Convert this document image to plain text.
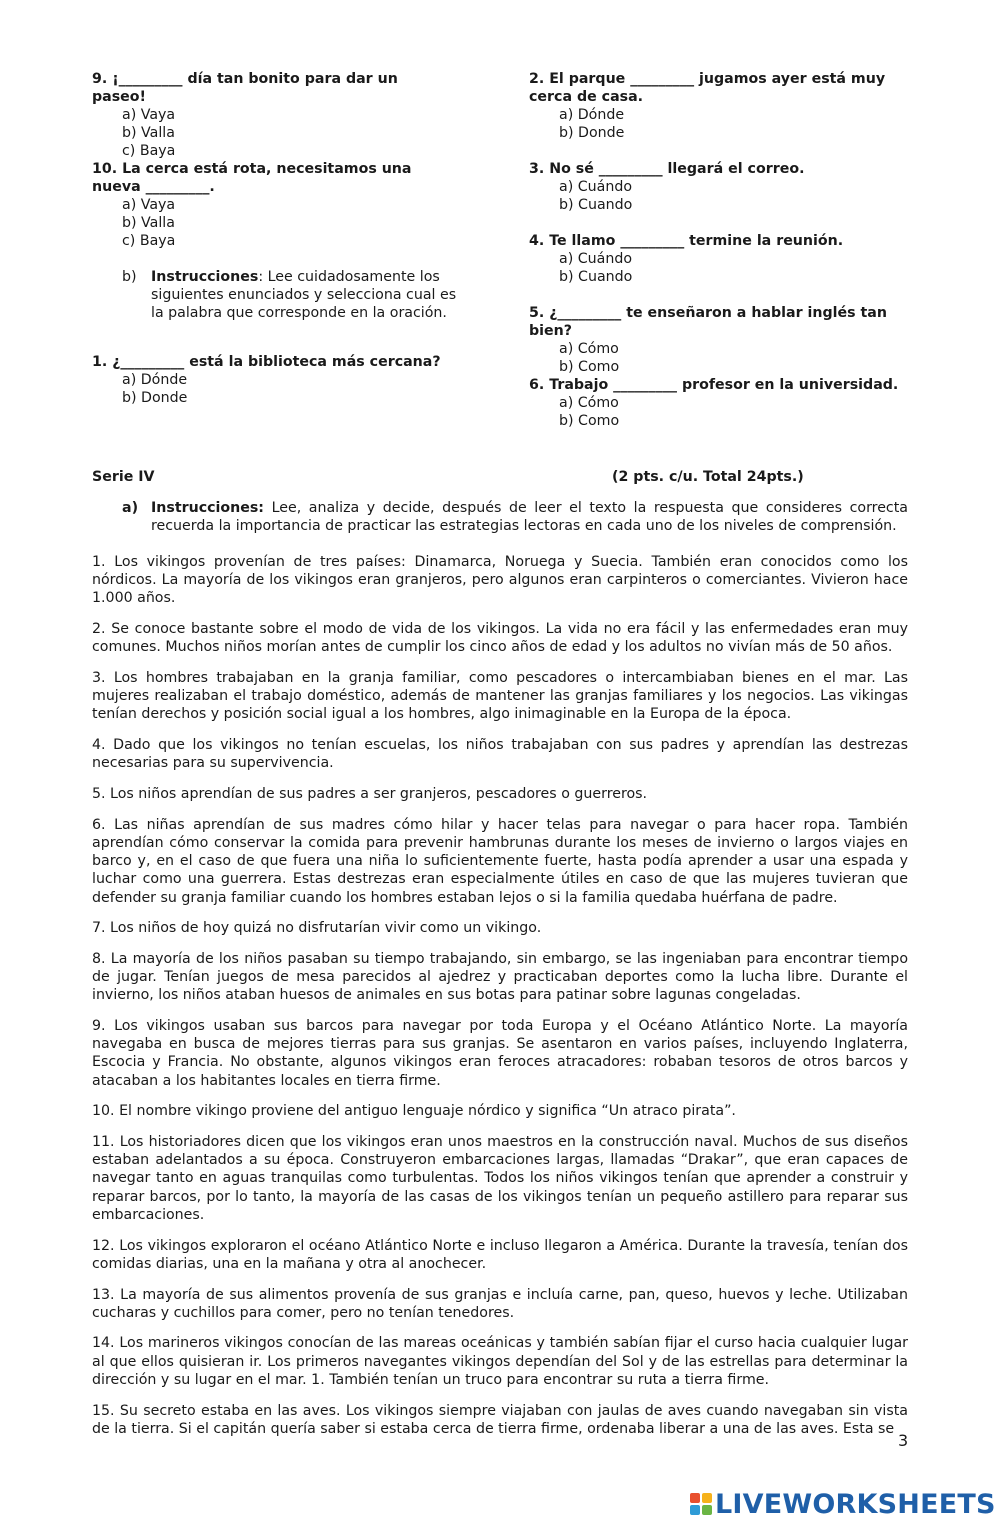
9. ¡_________ día tan bonito para dar un paseo!
a) Vaya
b) Valla
c) Baya
10. La cerca está rota, necesitamos una nueva _________.
a) Vaya
b) Valla
c) Baya
b) Instrucciones: Lee cuidadosamente los siguientes enunciados y selecciona cual es la palabra que corresponde en la oración.
1. ¿_________ está la biblioteca más cercana?
a) Dónde
b) Donde
2. El parque _________ jugamos ayer está muy cerca de casa.
a) Dónde
b) Donde
3. No sé _________ llegará el correo.
a) Cuándo
b) Cuando
4. Te llamo _________ termine la reunión.
a) Cuándo
b) Cuando
5. ¿_________ te enseñaron a hablar inglés tan bien?
a) Cómo
b) Como
6. Trabajo _________ profesor en la universidad.
a) Cómo
b) Como
Serie IV	(2 pts. c/u. Total 24pts.)
a) Instrucciones: Lee, analiza y decide, después de leer el texto la respuesta que consideres correcta recuerda la importancia de practicar las estrategias lectoras en cada uno de los niveles de comprensión.

1. Los vikingos provenían de tres países: Dinamarca, Noruega y Suecia. También eran conocidos como los nórdicos. La mayoría de los vikingos eran granjeros, pero algunos eran carpinteros o comerciantes. Vivieron hace 1.000 años.

2. Se conoce bastante sobre el modo de vida de los vikingos. La vida no era fácil y las enfermedades eran muy comunes. Muchos niños morían antes de cumplir los cinco años de edad y los adultos no vivían más de 50 años.

3. Los hombres trabajaban en la granja familiar, como pescadores o intercambiaban bienes en el mar. Las mujeres realizaban el trabajo doméstico, además de mantener las granjas familiares y los negocios. Las vikingas tenían derechos y posición social igual a los hombres, algo inimaginable en la Europa de la época.

4. Dado que los vikingos no tenían escuelas, los niños trabajaban con sus padres y aprendían las destrezas necesarias para su supervivencia.

5. Los niños aprendían de sus padres a ser granjeros, pescadores o guerreros.

6. Las niñas aprendían de sus madres cómo hilar y hacer telas para navegar o para hacer ropa. También aprendían cómo conservar la comida para prevenir hambrunas durante los meses de invierno o largos viajes en barco y, en el caso de que fuera una niña lo suficientemente fuerte, hasta podía aprender a usar una espada y luchar como una guerrera. Estas destrezas eran especialmente útiles en caso de que las mujeres tuvieran que defender su granja familiar cuando los hombres estaban lejos o si la familia quedaba huérfana de padre.

7. Los niños de hoy quizá no disfrutarían vivir como un vikingo.

8. La mayoría de los niños pasaban su tiempo trabajando, sin embargo, se las ingeniaban para encontrar tiempo de jugar. Tenían juegos de mesa parecidos al ajedrez y practicaban deportes como la lucha libre. Durante el invierno, los niños ataban huesos de animales en sus botas para patinar sobre lagunas congeladas.

9. Los vikingos usaban sus barcos para navegar por toda Europa y el Océano Atlántico Norte. La mayoría navegaba en busca de mejores tierras para sus granjas. Se asentaron en varios países, incluyendo Inglaterra, Escocia y Francia. No obstante, algunos vikingos eran feroces atracadores: robaban tesoros de otros barcos y atacaban a los habitantes locales en tierra firme.

10. El nombre vikingo proviene del antiguo lenguaje nórdico y significa “Un atraco pirata”.

11. Los historiadores dicen que los vikingos eran unos maestros en la construcción naval. Muchos de sus diseños estaban adelantados a su época. Construyeron embarcaciones largas, llamadas “Drakar”, que eran capaces de navegar tanto en aguas tranquilas como turbulentas. Todos los niños vikingos tenían que aprender a construir y reparar barcos, por lo tanto, la mayoría de las casas de los vikingos tenían un pequeño astillero para reparar sus embarcaciones.

12. Los vikingos exploraron el océano Atlántico Norte e incluso llegaron a América. Durante la travesía, tenían dos comidas diarias, una en la mañana y otra al anochecer.

13. La mayoría de sus alimentos provenía de sus granjas e incluía carne, pan, queso, huevos y leche. Utilizaban cucharas y cuchillos para comer, pero no tenían tenedores.

14. Los marineros vikingos conocían de las mareas oceánicas y también sabían fijar el curso hacia cualquier lugar al que ellos quisieran ir. Los primeros navegantes vikingos dependían del Sol y de las estrellas para determinar la dirección y su lugar en el mar. 1. También tenían un truco para encontrar su ruta a tierra firme.

15. Su secreto estaba en las aves. Los vikingos siempre viajaban con jaulas de aves cuando navegaban sin vista de la tierra. Si el capitán quería saber si estaba cerca de tierra firme, ordenaba liberar a una de las aves. Esta se

3
LIVEWORKSHEETS
